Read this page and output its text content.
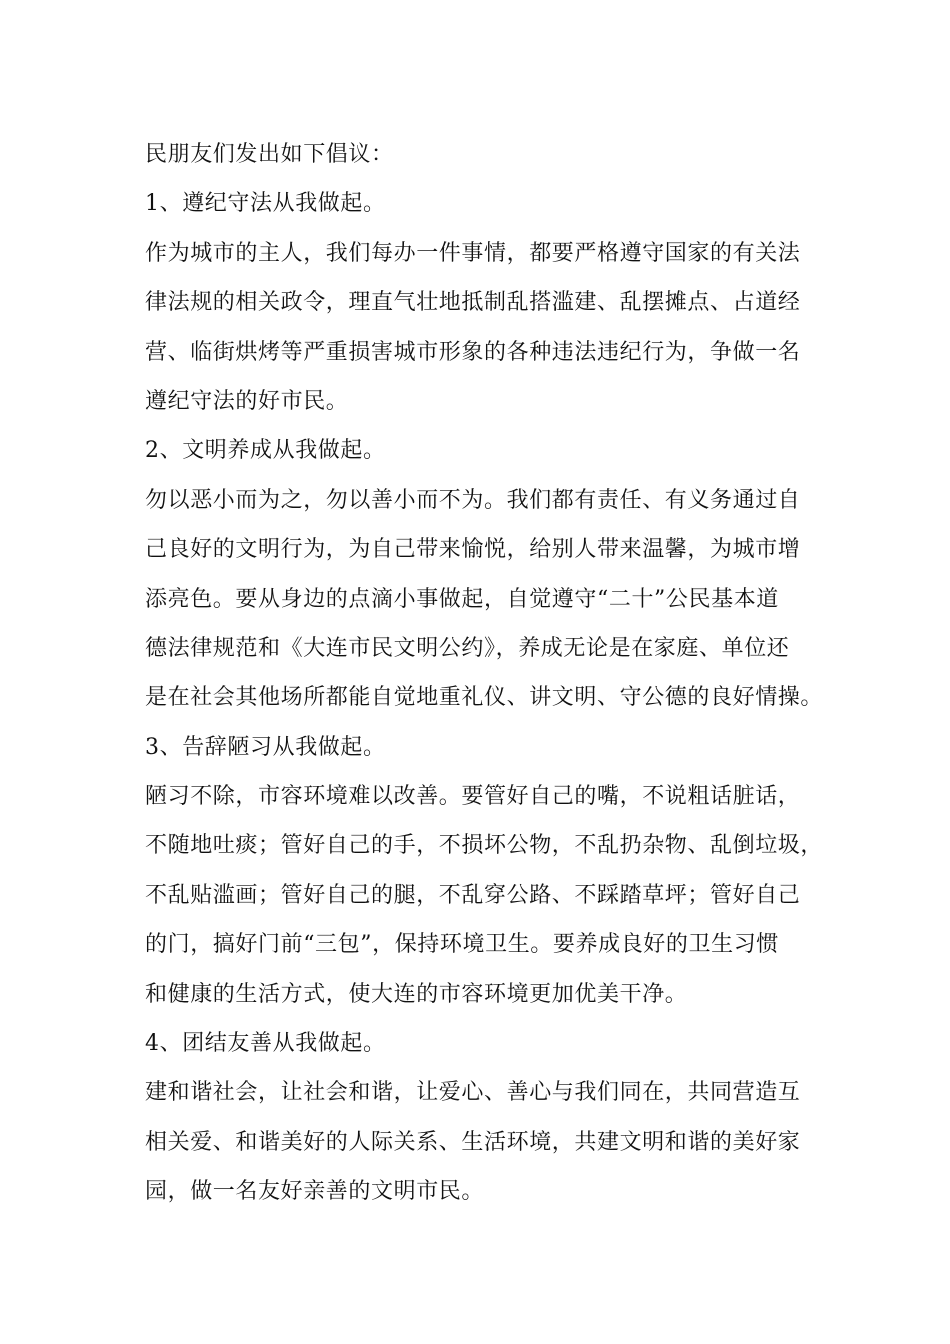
民朋友们发出如下倡议：
1、遵纪守法从我做起。
作为城市的主人，我们每办一件事情，都要严格遵守国家的有关法
律法规的相关政令，理直气壮地抵制乱搭滥建、乱摆摊点、占道经
营、临街烘烤等严重损害城市形象的各种违法违纪行为，争做一名
遵纪守法的好市民。
2、文明养成从我做起。
勿以恶小而为之，勿以善小而不为。我们都有责任、有义务通过自
己良好的文明行为，为自己带来愉悦，给别人带来温馨，为城市增
添亮色。要从身边的点滴小事做起，自觉遵守“二十”公民基本道
德法律规范和《大连市民文明公约》，养成无论是在家庭、单位还
是在社会其他场所都能自觉地重礼仪、讲文明、守公德的良好情操。
3、告辞陋习从我做起。
陋习不除，市容环境难以改善。要管好自己的嘴，不说粗话脏话，
不随地吐痰；管好自己的手，不损坏公物，不乱扔杂物、乱倒垃圾，
不乱贴滥画；管好自己的腿，不乱穿公路、不踩踏草坪；管好自己
的门，搞好门前“三包”，保持环境卫生。要养成良好的卫生习惯
和健康的生活方式，使大连的市容环境更加优美干净。
4、团结友善从我做起。
建和谐社会，让社会和谐，让爱心、善心与我们同在，共同营造互
相关爱、和谐美好的人际关系、生活环境，共建文明和谐的美好家
园，做一名友好亲善的文明市民。
